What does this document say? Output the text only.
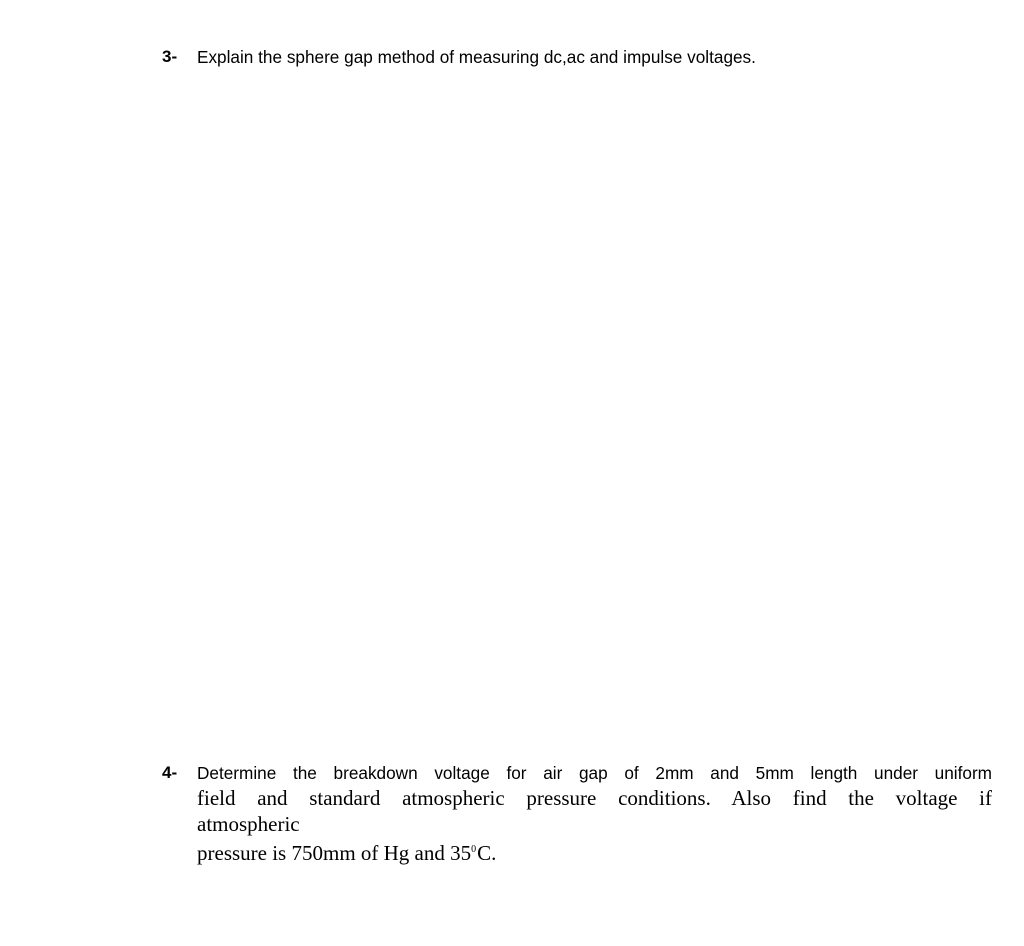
3- Explain the sphere gap method of measuring dc,ac and impulse voltages.
4- Determine the breakdown voltage for air gap of 2mm and 5mm length under uniform
field and standard atmospheric pressure conditions. Also find the voltage if
atmospheric
pressure is 750mm of Hg and $35^0C$.
